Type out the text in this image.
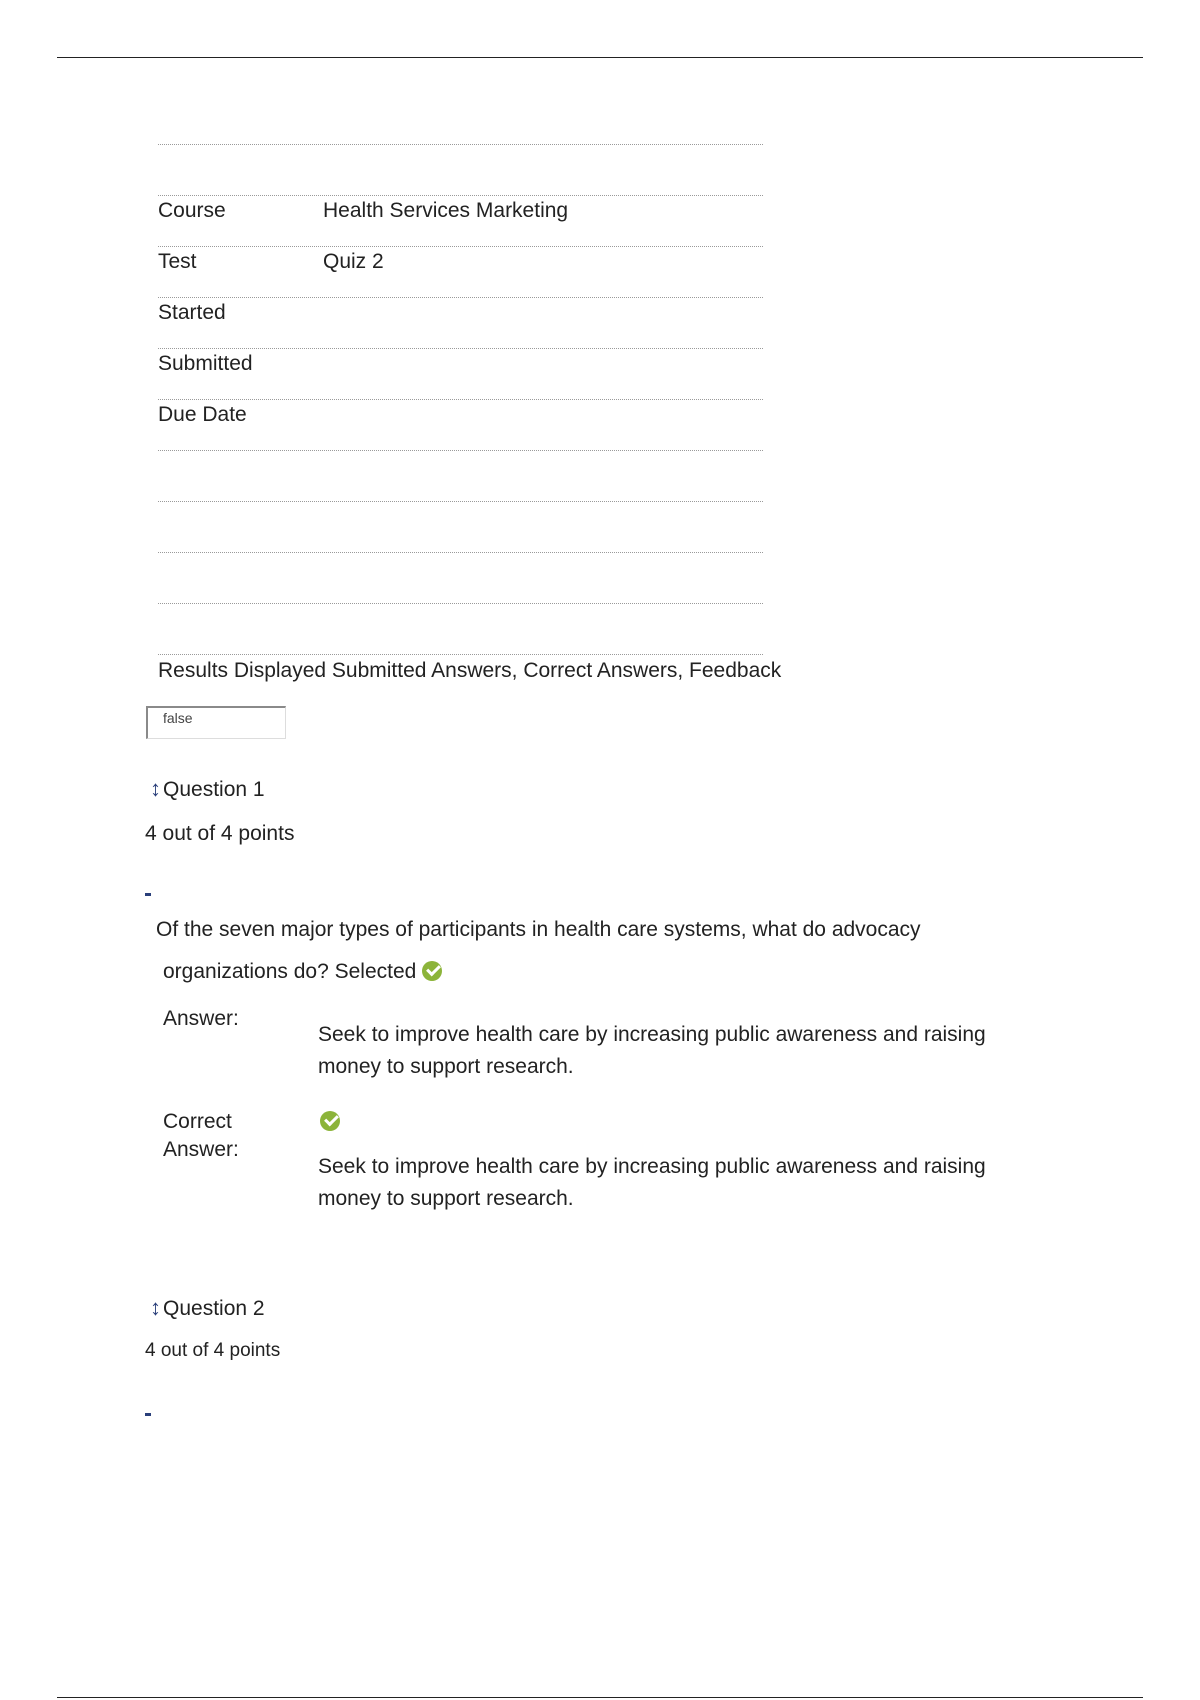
Course	Health Services Marketing
Test	Quiz 2
Started
Submitted
Due Date
Results Displayed Submitted Answers, Correct Answers, Feedback
false
↕Question 1
4 out of 4 points
Of the seven major types of participants in health care systems, what do advocacy
organizations do? Selected
Answer:
Seek to improve health care by increasing public awareness and raising money to support research.
Correct
Answer:
Seek to improve health care by increasing public awareness and raising money to support research.
↕Question 2
4 out of 4 points
